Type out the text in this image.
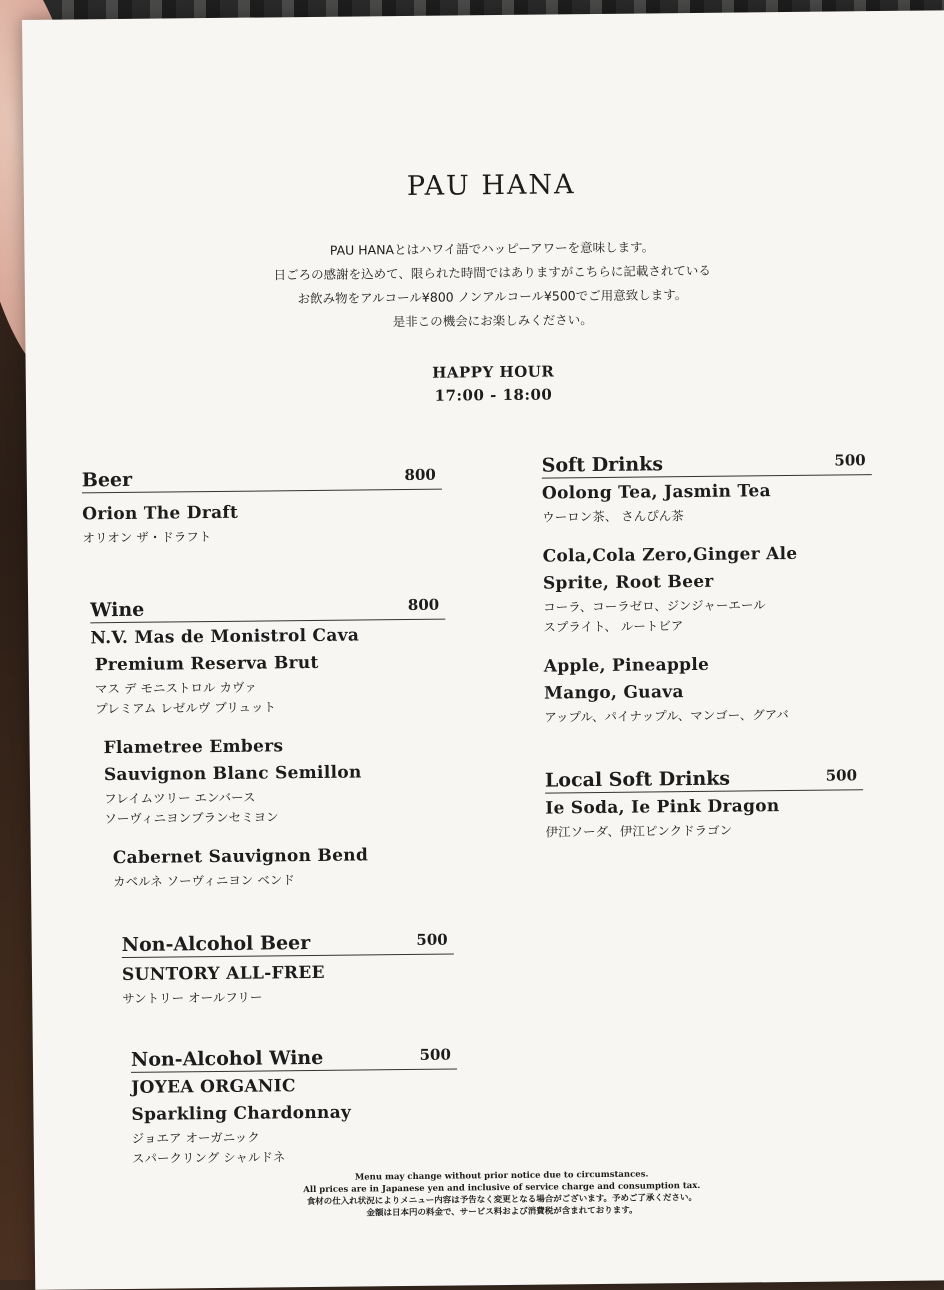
PAU HANA
PAU HANAとはハワイ語でハッピーアワーを意味します。
日ごろの感謝を込めて、限られた時間ではありますがこちらに記載されている
お飲み物をアルコール¥800 ノンアルコール¥500でご用意致します。
是非この機会にお楽しみください。
HAPPY HOUR
17:00 - 18:00
Beer	800
Orion The Draft
オリオン ザ・ドラフト
Wine	800
N.V. Mas de Monistrol Cava
Premium Reserva Brut
マス デ モニストロル カヴァ
プレミアム レゼルヴ ブリュット
Flametree Embers
Sauvignon Blanc Semillon
フレイムツリー エンバース
ソーヴィニヨンブランセミヨン
Cabernet Sauvignon Bend
カベルネ ソーヴィニヨン ベンド
Non-Alcohol Beer	500
SUNTORY ALL-FREE
サントリー オールフリー
Non-Alcohol Wine	500
JOYEA ORGANIC
Sparkling Chardonnay
ジョエア オーガニック
スパークリング シャルドネ
Soft Drinks	500
Oolong Tea, Jasmin Tea
ウーロン茶、 さんぴん茶
Cola,Cola Zero,Ginger Ale
Sprite, Root Beer
コーラ、コーラゼロ、ジンジャーエール
スプライト、 ルートビア
Apple, Pineapple
Mango, Guava
アップル、パイナップル、マンゴー、グアバ
Local Soft Drinks	500
Ie Soda, Ie Pink Dragon
伊江ソーダ、伊江ピンクドラゴン
Menu may change without prior notice due to circumstances.
All prices are in Japanese yen and inclusive of service charge and consumption tax.
食材の仕入れ状況によりメニュー内容は予告なく変更となる場合がございます。予めご了承ください。
金額は日本円の料金で、サービス料および消費税が含まれております。
